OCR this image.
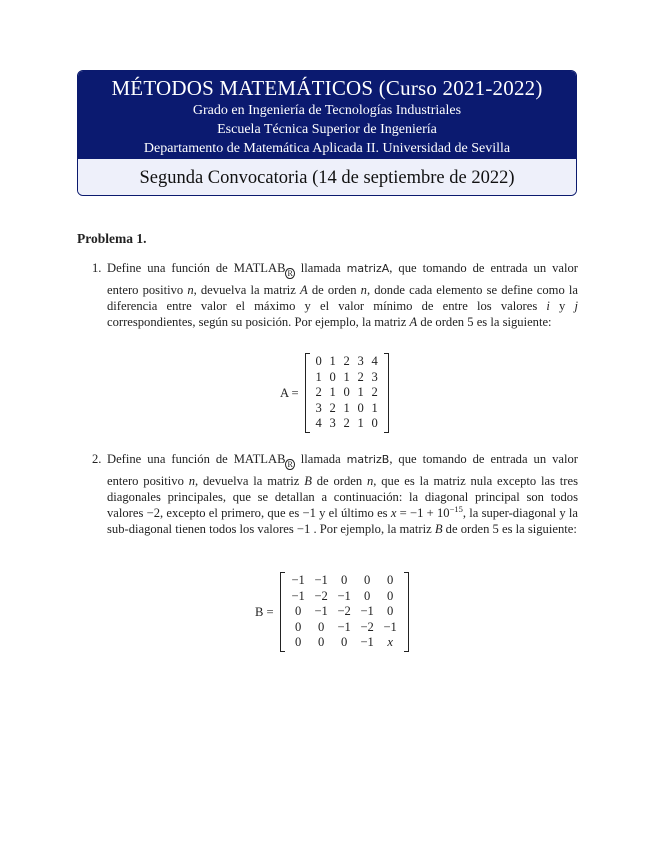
MÉTODOS MATEMÁTICOS (Curso 2021-2022)
Grado en Ingeniería de Tecnologías Industriales
Escuela Técnica Superior de Ingeniería
Departamento de Matemática Aplicada II. Universidad de Sevilla
Segunda Convocatoria (14 de septiembre de 2022)
Problema 1.
1. Define una función de MATLAB $_R$ llamada matrizA, que tomando de entrada un valor entero positivo n, devuelva la matriz A de orden n, donde cada elemento se define como la diferencia entre valor el máximo y el valor mínimo de entre los valores i y j correspondientes, según su posición. Por ejemplo, la matriz A de orden 5 es la siguiente:
A =
0	1	2	3	4
1	0	1	2	3
2	1	0	1	2
3	2	1	0	1
4	3	2	1	0
2. Define una función de MATLAB $_R$ llamada matrizB, que tomando de entrada un valor entero positivo n, devuelva la matriz B de orden n, que es la matriz nula excepto las tres diagonales principales, que se detallan a continuación: la diagonal principal son todos valores −2, excepto el primero, que es −1 y el último es $x = -1 + 10^{-15}$, la super-diagonal y la sub-diagonal tienen todos los valores −1 . Por ejemplo, la matriz B de orden 5 es la siguiente:
B =
−1	−1	0	0	0
−1	−2	−1	0	0
0	−1	−2	−1	0
0	0	−1	−2	−1
0	0	0	−1	x
